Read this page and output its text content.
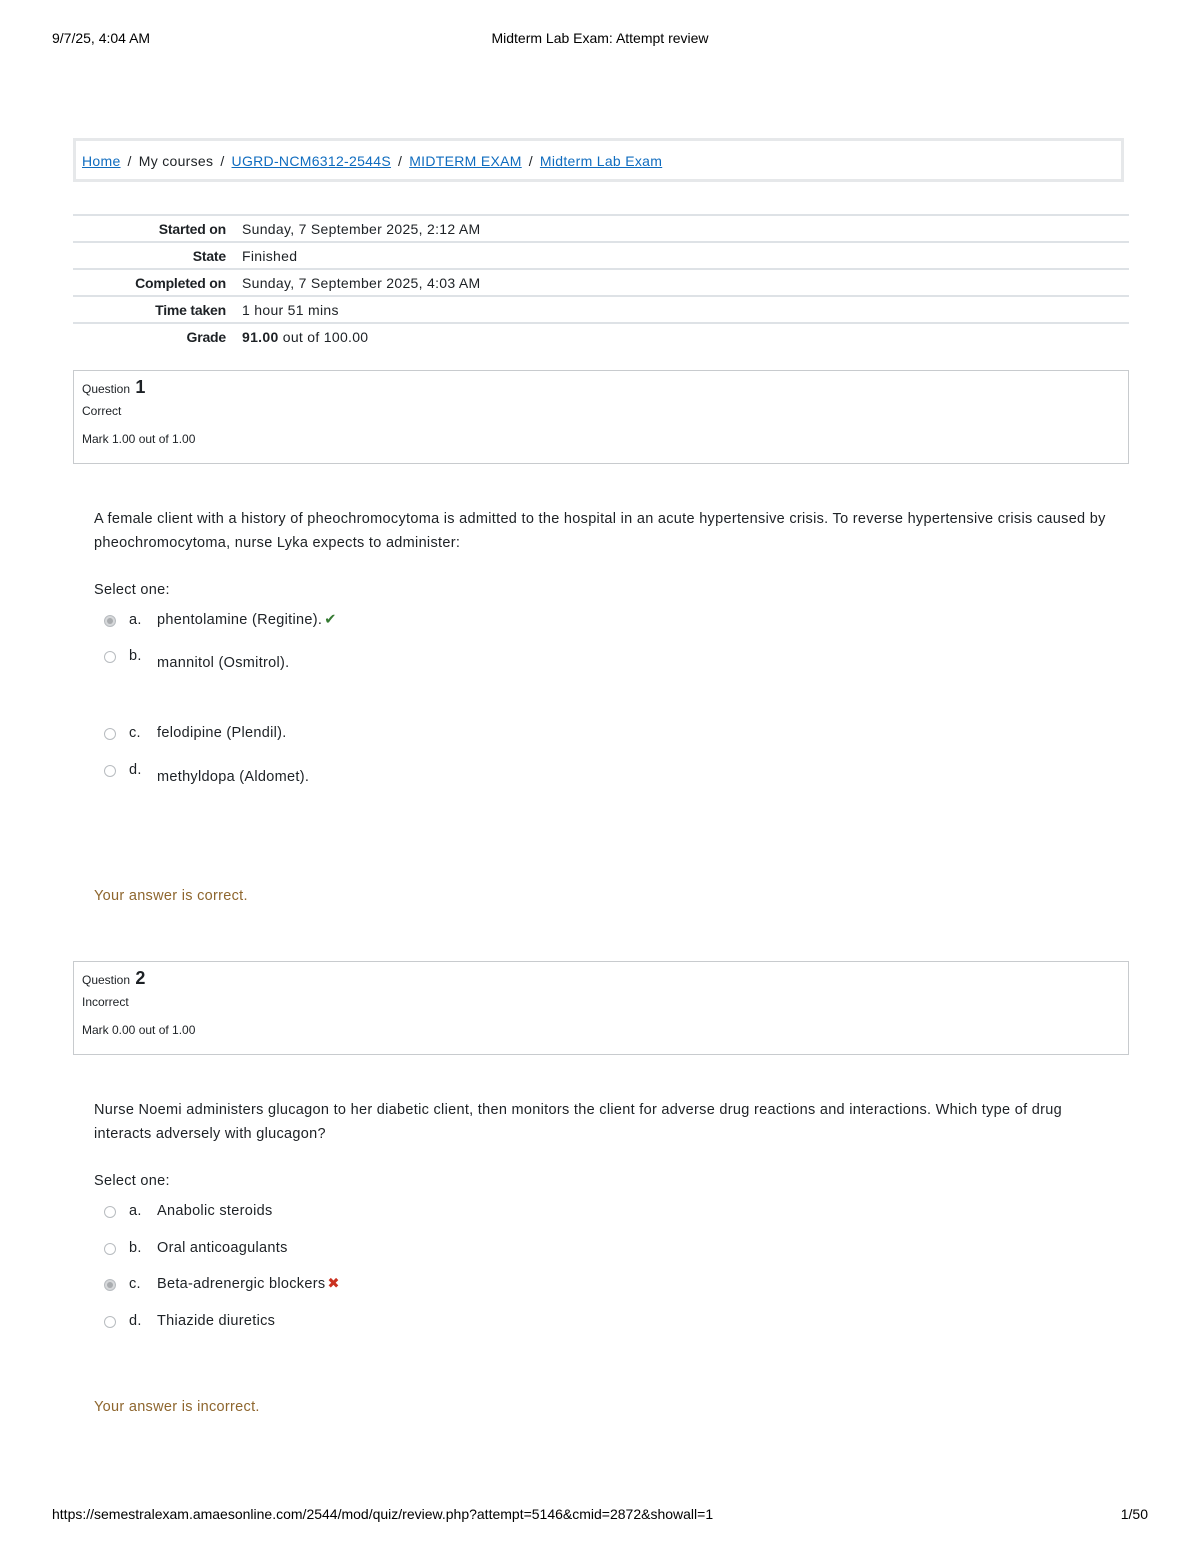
9/7/25, 4:04 AM	Midterm Lab Exam: Attempt review
Home / My courses / UGRD-NCM6312-2544S / MIDTERM EXAM / Midterm Lab Exam
Started on	Sunday, 7 September 2025, 2:12 AM
State	Finished
Completed on	Sunday, 7 September 2025, 4:03 AM
Time taken	1 hour 51 mins
Grade	91.00 out of 100.00
Question 1
Correct
Mark 1.00 out of 1.00
A female client with a history of pheochromocytoma is admitted to the hospital in an acute hypertensive crisis. To reverse hypertensive crisis caused by pheochromocytoma, nurse Lyka expects to administer:
Select one:
a. phentolamine (Regitine). ✔
b. mannitol (Osmitrol).
c. felodipine (Plendil).
d. methyldopa (Aldomet).
Your answer is correct.
Question 2
Incorrect
Mark 0.00 out of 1.00
Nurse Noemi administers glucagon to her diabetic client, then monitors the client for adverse drug reactions and interactions. Which type of drug interacts adversely with glucagon?
Select one:
a. Anabolic steroids
b. Oral anticoagulants
c. Beta-adrenergic blockers ✖
d. Thiazide diuretics
Your answer is incorrect.
https://semestralexam.amaesonline.com/2544/mod/quiz/review.php?attempt=5146&cmid=2872&showall=1	1/50
